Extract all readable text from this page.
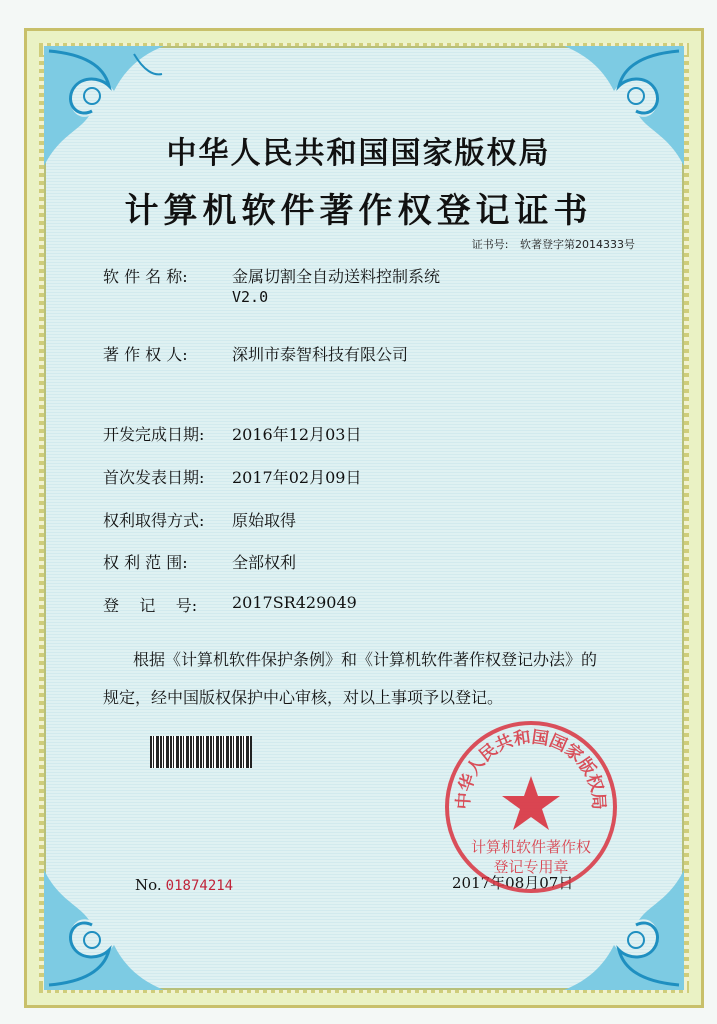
中华人民共和国国家版权局
计算机软件著作权登记证书
证书号: 软著登字第2014333号
软 件 名 称:	金属切割全自动送料控制系统
V2.0
著 作 权 人:	深圳市泰智科技有限公司
开发完成日期: 2016年12月03日
首次发表日期: 2017年02月09日
权利取得方式: 原始取得
权 利 范 围:	全部权利
登    记    号: 2017SR429049
根据《计算机软件保护条例》和《计算机软件著作权登记办法》的
规定，经中国版权保护中心审核，对以上事项予以登记。
No. 01874214	2017年08月07日
中华人民共和国国家版权局
计算机软件著作权
登记专用章
